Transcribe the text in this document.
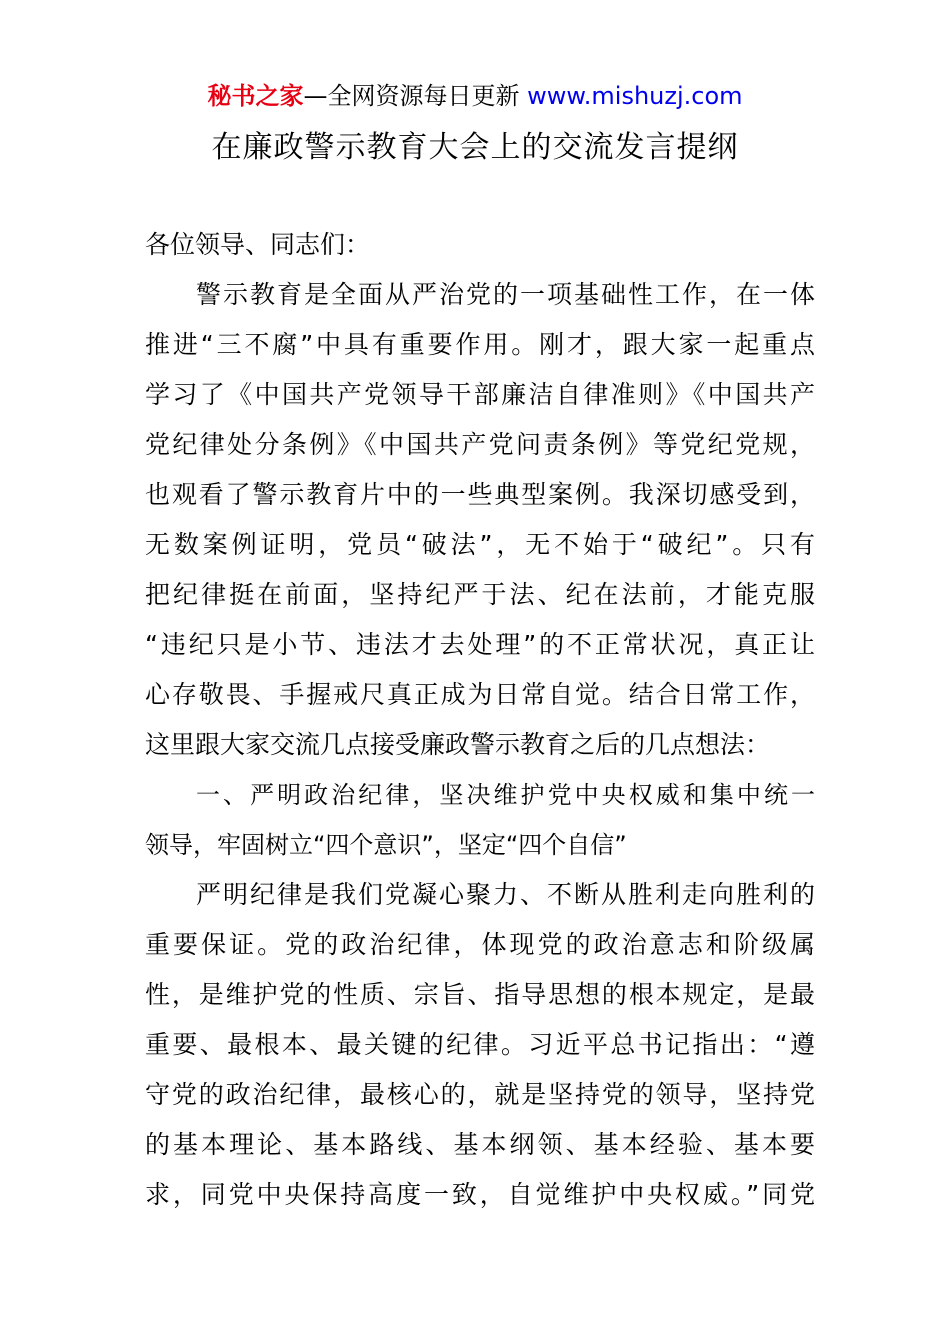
秘书之家—全网资源每日更新 www.mishuzj.com
在廉政警示教育大会上的交流发言提纲
各位领导、同志们：
警示教育是全面从严治党的一项基础性工作，在一体
推进“三不腐”中具有重要作用。刚才，跟大家一起重点
学习了《中国共产党领导干部廉洁自律准则》《中国共产
党纪律处分条例》《中国共产党问责条例》等党纪党规，
也观看了警示教育片中的一些典型案例。我深切感受到，
无数案例证明，党员“破法”，无不始于“破纪”。只有
把纪律挺在前面，坚持纪严于法、纪在法前，才能克服
“违纪只是小节、违法才去处理”的不正常状况，真正让
心存敬畏、手握戒尺真正成为日常自觉。结合日常工作，
这里跟大家交流几点接受廉政警示教育之后的几点想法：
一、严明政治纪律，坚决维护党中央权威和集中统一
领导，牢固树立“四个意识”，坚定“四个自信”
严明纪律是我们党凝心聚力、不断从胜利走向胜利的
重要保证。党的政治纪律，体现党的政治意志和阶级属
性，是维护党的性质、宗旨、指导思想的根本规定，是最
重要、最根本、最关键的纪律。习近平总书记指出：“遵
守党的政治纪律，最核心的，就是坚持党的领导，坚持党
的基本理论、基本路线、基本纲领、基本经验、基本要
求，同党中央保持高度一致，自觉维护中央权威。”同党
